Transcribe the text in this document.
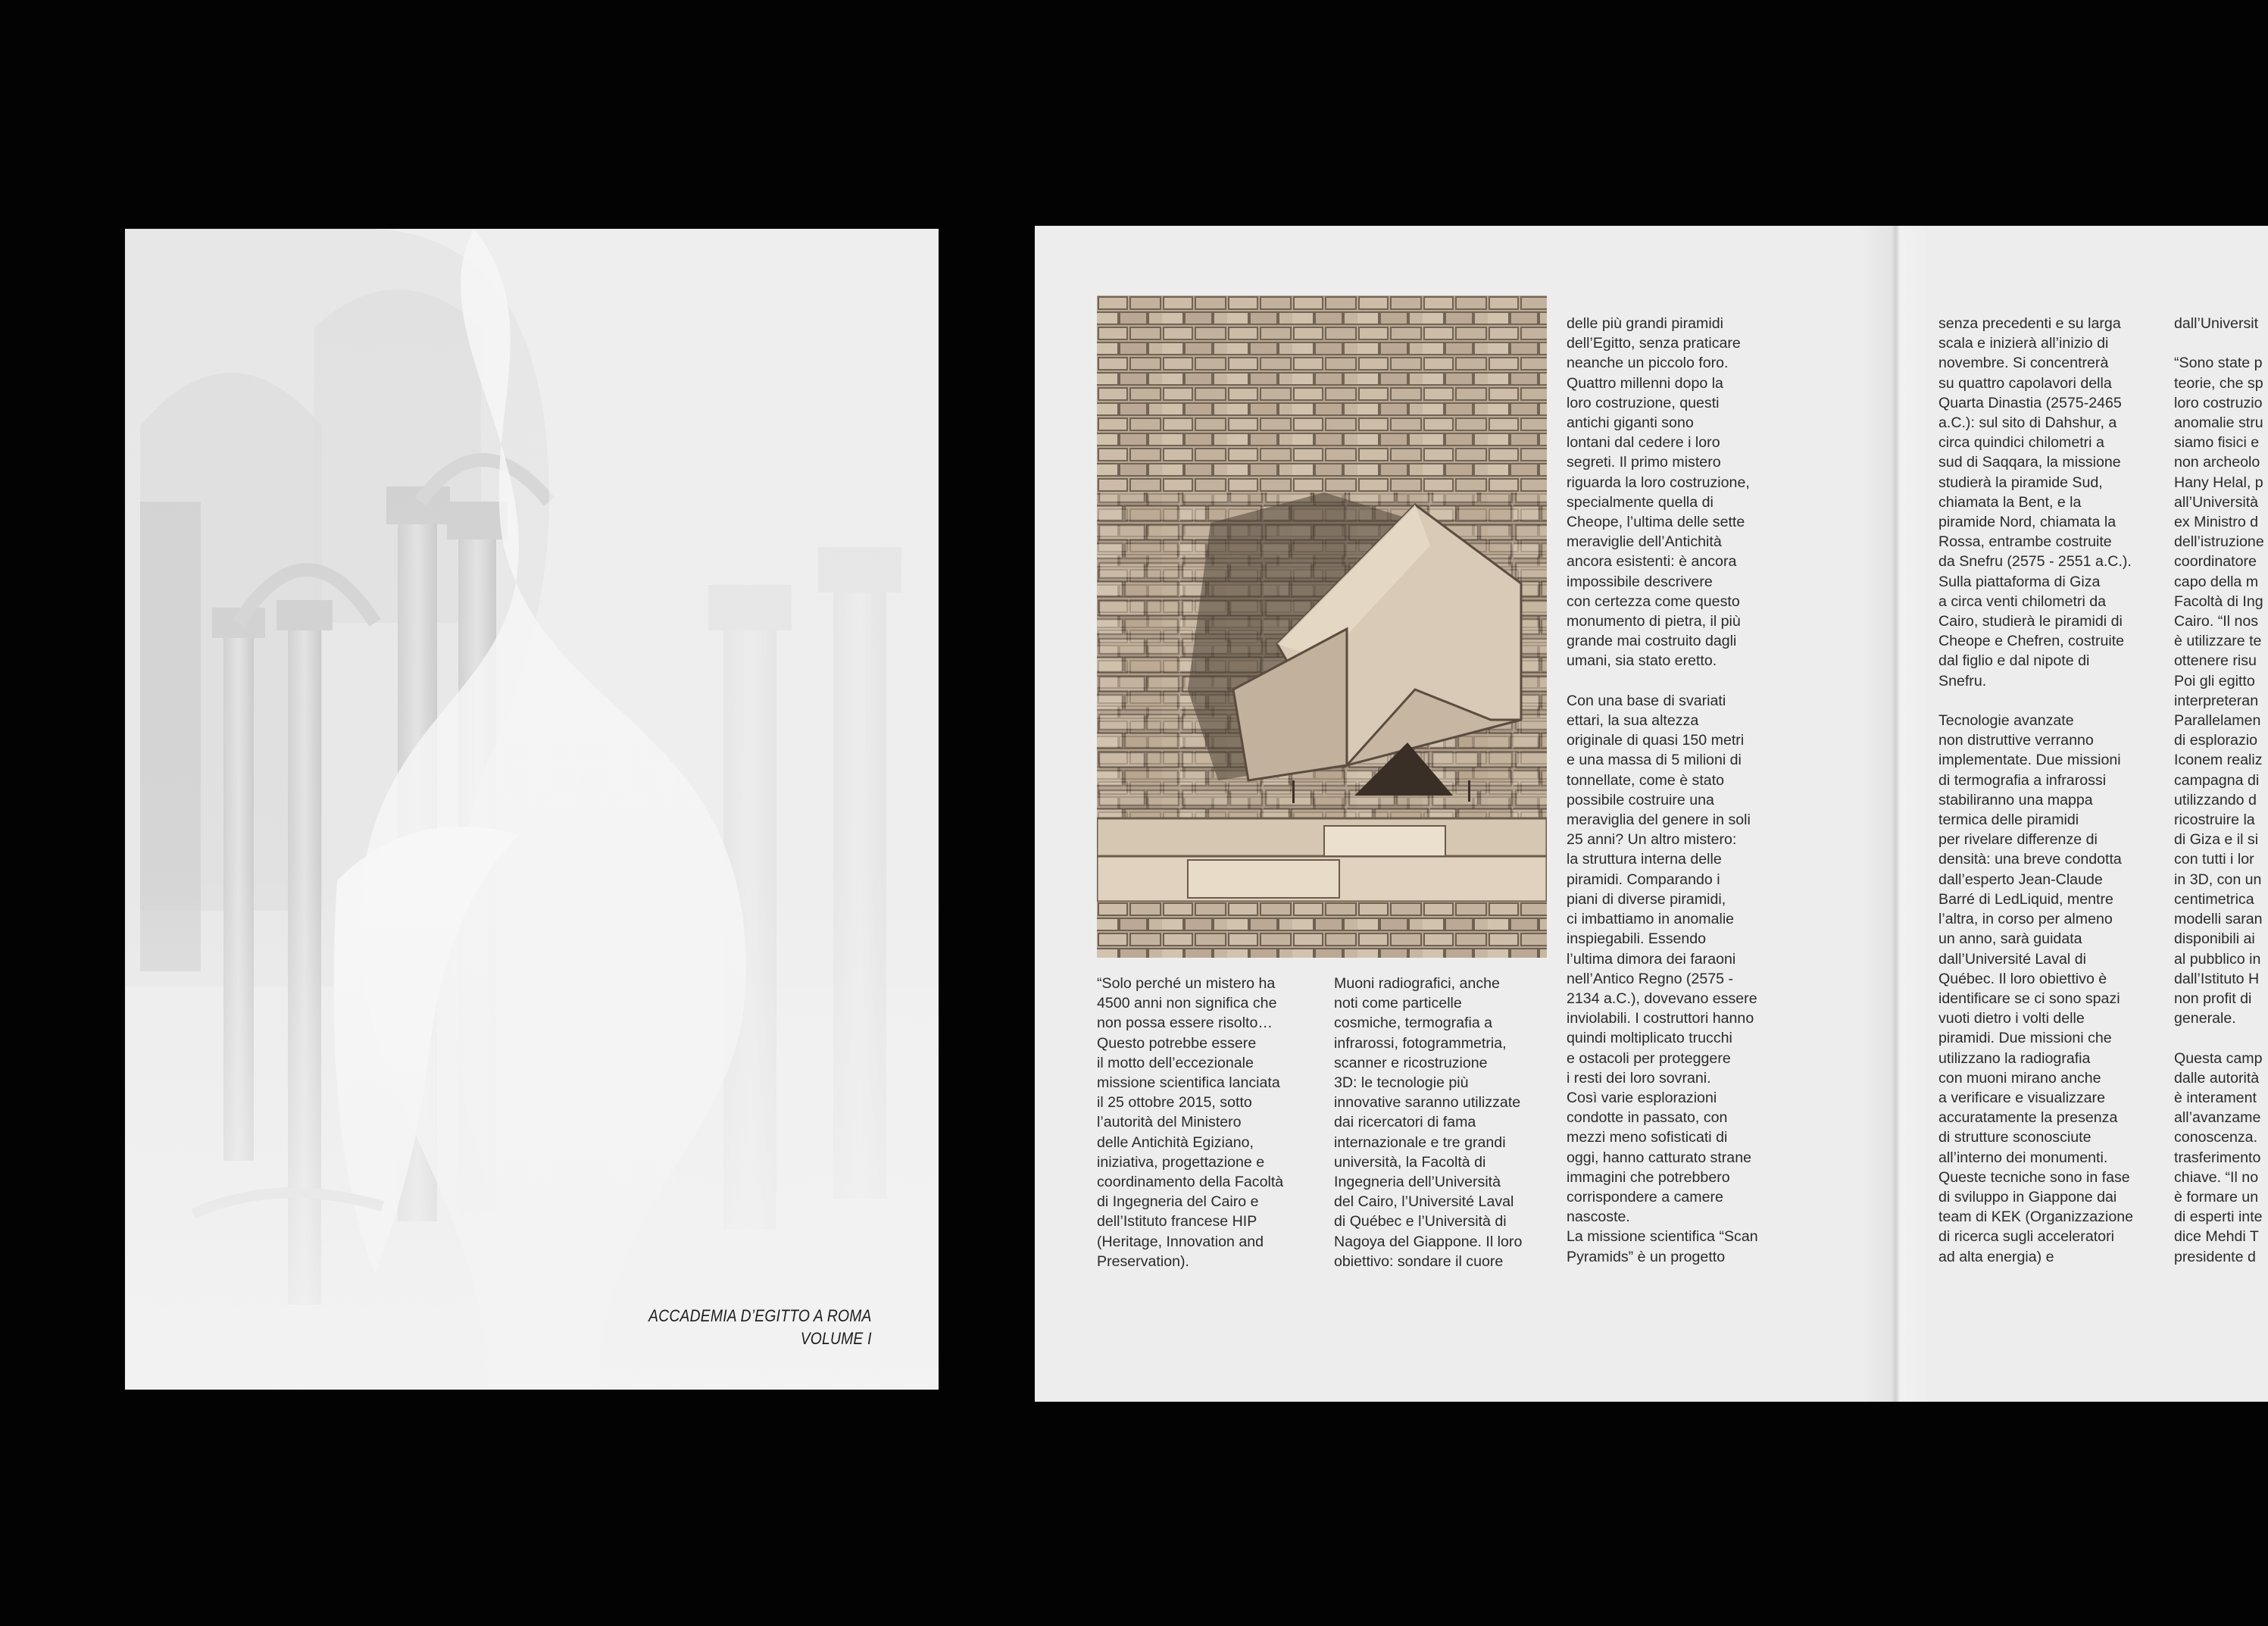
ACCADEMIA D’EGITTO A ROMA
VOLUME I
“Solo perché un mistero ha
4500 anni non significa che
non possa essere risolto…
Questo potrebbe essere
il motto dell’eccezionale
missione scientifica lanciata
il 25 ottobre 2015, sotto
l’autorità del Ministero
delle Antichità Egiziano,
iniziativa, progettazione e
coordinamento della Facoltà
di Ingegneria del Cairo e
dell’Istituto francese HIP
(Heritage, Innovation and
Preservation).
Muoni radiografici, anche
noti come particelle
cosmiche, termografia a
infrarossi, fotogrammetria,
scanner e ricostruzione
3D: le tecnologie più
innovative saranno utilizzate
dai ricercatori di fama
internazionale e tre grandi
università, la Facoltà di
Ingegneria dell’Università
del Cairo, l’Université Laval
di Québec e l’Università di
Nagoya del Giappone. Il loro
obiettivo: sondare il cuore
delle più grandi piramidi
dell’Egitto, senza praticare
neanche un piccolo foro.
Quattro millenni dopo la
loro costruzione, questi
antichi giganti sono
lontani dal cedere i loro
segreti. Il primo mistero
riguarda la loro costruzione,
specialmente quella di
Cheope, l’ultima delle sette
meraviglie dell’Antichità
ancora esistenti: è ancora
impossibile descrivere
con certezza come questo
monumento di pietra, il più
grande mai costruito dagli
umani, sia stato eretto.

Con una base di svariati
ettari, la sua altezza
originale di quasi 150 metri
e una massa di 5 milioni di
tonnellate, come è stato
possibile costruire una
meraviglia del genere in soli
25 anni? Un altro mistero:
la struttura interna delle
piramidi. Comparando i
piani di diverse piramidi,
ci imbattiamo in anomalie
inspiegabili. Essendo
l’ultima dimora dei faraoni
nell’Antico Regno (2575 -
2134 a.C.), dovevano essere
inviolabili. I costruttori hanno
quindi moltiplicato trucchi
e ostacoli per proteggere
i resti dei loro sovrani.
Così varie esplorazioni
condotte in passato, con
mezzi meno sofisticati di
oggi, hanno catturato strane
immagini che potrebbero
corrispondere a camere
nascoste.
La missione scientifica “Scan
Pyramids” è un progetto
senza precedenti e su larga
scala e inizierà all’inizio di
novembre. Si concentrerà
su quattro capolavori della
Quarta Dinastia (2575-2465
a.C.): sul sito di Dahshur, a
circa quindici chilometri a
sud di Saqqara, la missione
studierà la piramide Sud,
chiamata la Bent, e la
piramide Nord, chiamata la
Rossa, entrambe costruite
da Snefru (2575 - 2551 a.C.).
Sulla piattaforma di Giza
a circa venti chilometri da
Cairo, studierà le piramidi di
Cheope e Chefren, costruite
dal figlio e dal nipote di
Snefru.

Tecnologie avanzate
non distruttive verranno
implementate. Due missioni
di termografia a infrarossi
stabiliranno una mappa
termica delle piramidi
per rivelare differenze di
densità: una breve condotta
dall’esperto Jean-Claude
Barré di LedLiquid, mentre
l’altra, in corso per almeno
un anno, sarà guidata
dall’Université Laval di
Québec. Il loro obiettivo è
identificare se ci sono spazi
vuoti dietro i volti delle
piramidi. Due missioni che
utilizzano la radiografia
con muoni mirano anche
a verificare e visualizzare
accuratamente la presenza
di strutture sconosciute
all’interno dei monumenti.
Queste tecniche sono in fase
di sviluppo in Giappone dai
team di KEK (Organizzazione
di ricerca sugli acceleratori
ad alta energia) e
dall’Universit

“Sono state p
teorie, che sp
loro costruzio
anomalie stru
siamo fisici e
non archeolo
Hany Helal, p
all’Università
ex Ministro d
dell’istruzione
coordinatore
capo della m
Facoltà di Ing
Cairo. “Il nos
è utilizzare te
ottenere risu
Poi gli egitto
interpreteran
Parallelamen
di esplorazio
Iconem realiz
campagna di
utilizzando d
ricostruire la
di Giza e il si
con tutti i lor
in 3D, con un
centimetrica
modelli saran
disponibili ai
al pubblico in
dall’Istituto H
non profit di
generale.

Questa camp
dalle autorità
è interament
all’avanzame
conoscenza.
trasferimento
chiave. “Il no
è formare un
di esperti inte
dice Mehdi T
presidente d
